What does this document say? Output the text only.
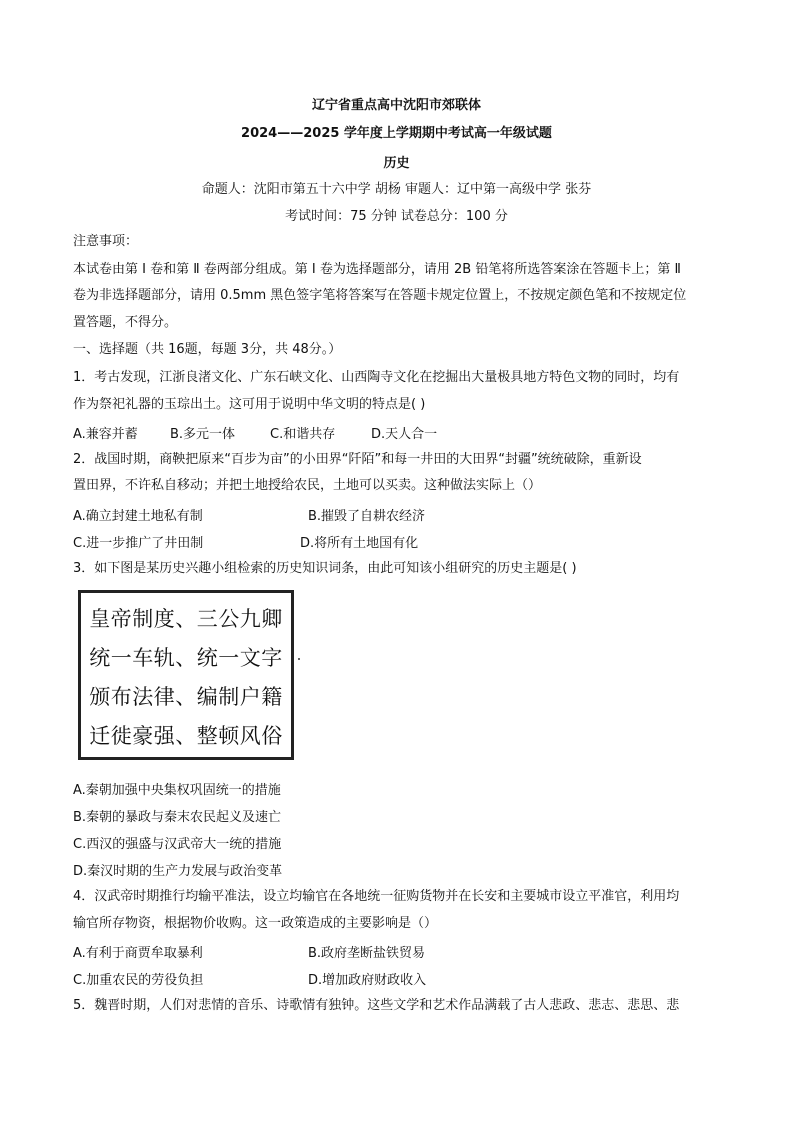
辽宁省重点高中沈阳市郊联体
2024——2025 学年度上学期期中考试高一年级试题
历史
命题人：沈阳市第五十六中学 胡杨 审题人：辽中第一高级中学 张芬
考试时间：75 分钟 试卷总分：100 分
注意事项：
本试卷由第 I 卷和第 Ⅱ 卷两部分组成。第 I 卷为选择题部分，请用 2B 铅笔将所选答案涂在答题卡上；第 Ⅱ
卷为非选择题部分，请用 0.5mm 黑色签字笔将答案写在答题卡规定位置上，不按规定颜色笔和不按规定位
置答题，不得分。
一、选择题（共 16题，每题 3分，共 48分。）
1．考古发现，江浙良渚文化、广东石峡文化、山西陶寺文化在挖掘出大量极具地方特色文物的同时，均有
作为祭祀礼器的玉琮出土。这可用于说明中华文明的特点是( )
A.兼容并蓄 B.多元一体	C.和谐共存	D.天人合一
2．战国时期，商鞅把原来“百步为亩”的小田界“阡陌”和每一井田的大田界“封疆”统统破除，重新设
置田界，不许私自移动；并把土地授给农民，土地可以买卖。这种做法实际上（）
A.确立封建土地私有制	B.摧毁了自耕农经济
C.进一步推广了井田制	D.将所有土地国有化
3．如下图是某历史兴趣小组检索的历史知识词条，由此可知该小组研究的历史主题是( )
皇帝制度、三公九卿
统一车轨、统一文字
颁布法律、编制户籍
迁徙豪强、整顿风俗
A.秦朝加强中央集权巩固统一的措施
B.秦朝的暴政与秦末农民起义及速亡
C.西汉的强盛与汉武帝大一统的措施
D.秦汉时期的生产力发展与政治变革
4．汉武帝时期推行均输平准法，设立均输官在各地统一征购货物并在长安和主要城市设立平准官，利用均
输官所存物资，根据物价收购。这一政策造成的主要影响是（）
A.有利于商贾牟取暴利	B.政府垄断盐铁贸易
C.加重农民的劳役负担	D.增加政府财政收入
5．魏晋时期，人们对悲情的音乐、诗歌情有独钟。这些文学和艺术作品满载了古人悲政、悲志、悲思、悲
